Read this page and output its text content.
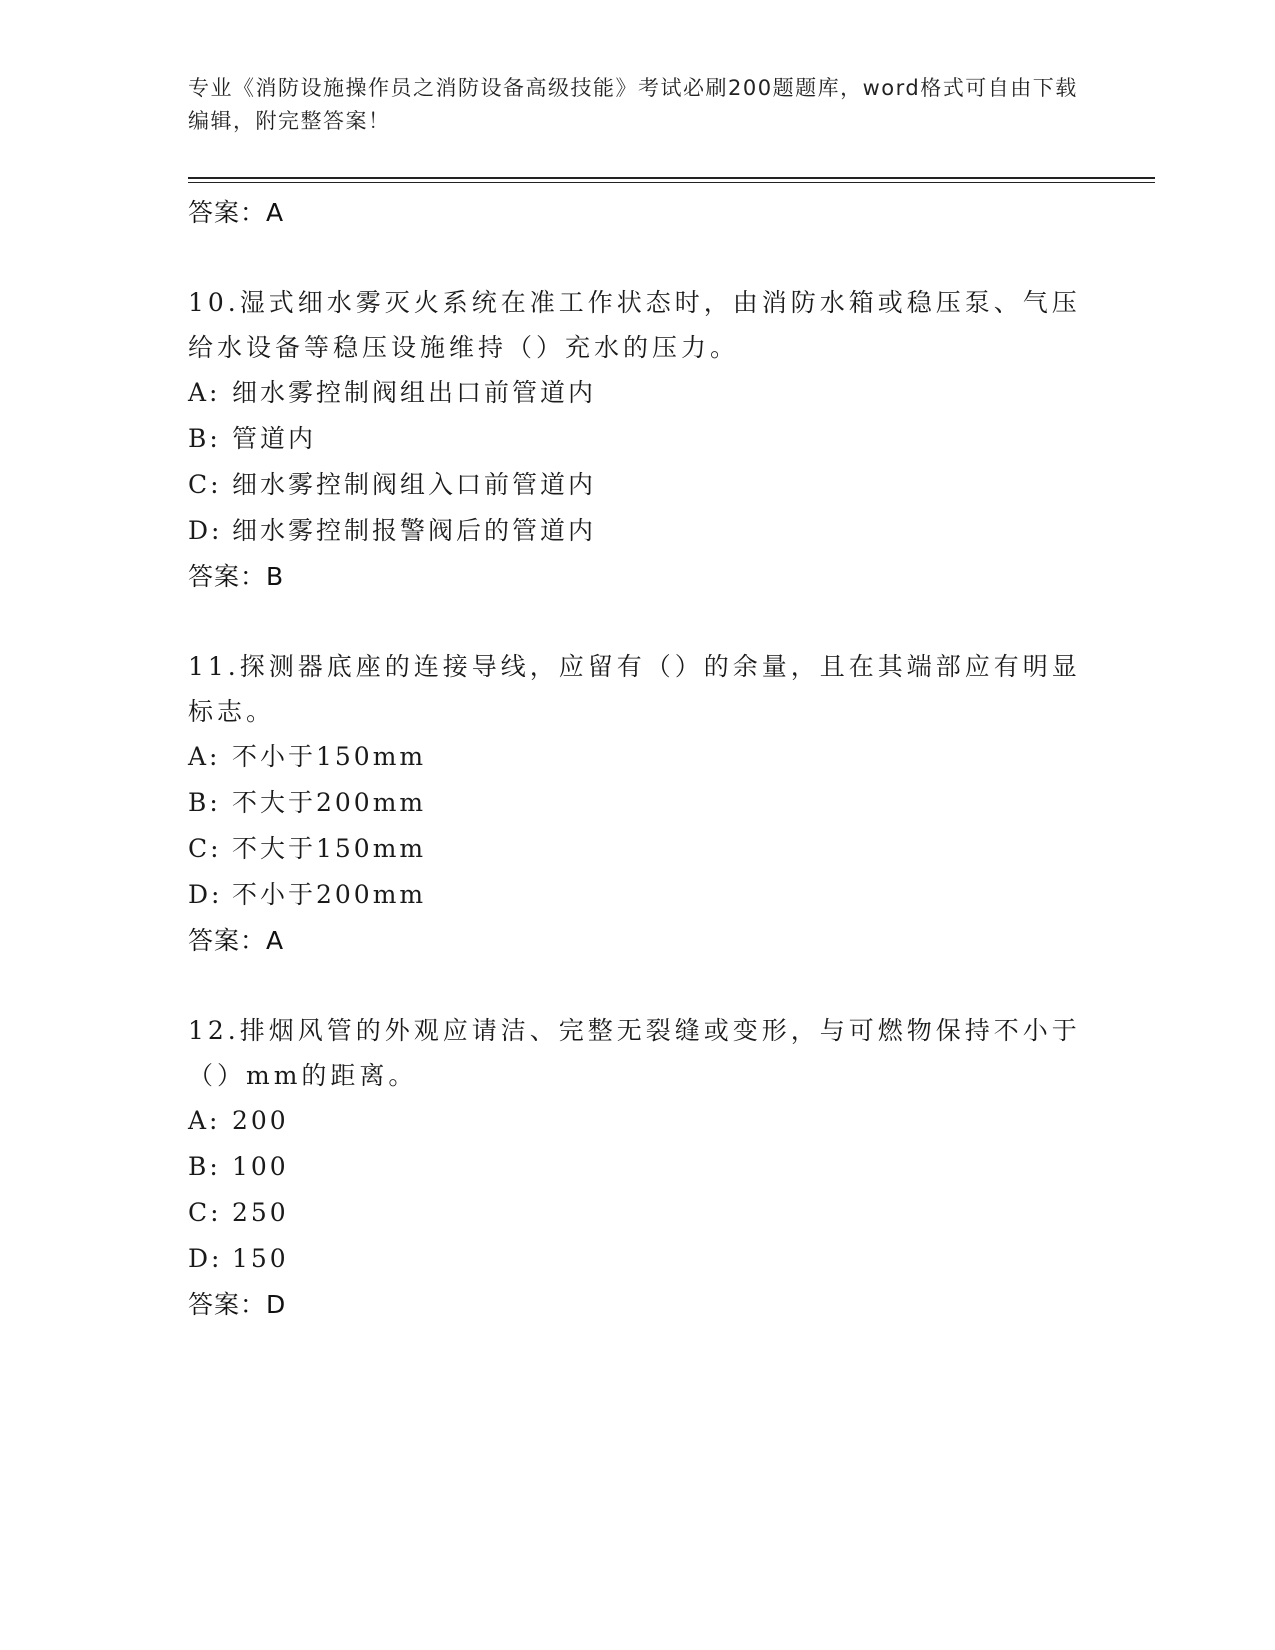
专业《消防设施操作员之消防设备高级技能》考试必刷200题题库，word格式可自由下载编辑，附完整答案！
答案：A
10.湿式细水雾灭火系统在准工作状态时，由消防水箱或稳压泵、气压给水设备等稳压设施维持（）充水的压力。
A: 细水雾控制阀组出口前管道内
B: 管道内
C: 细水雾控制阀组入口前管道内
D: 细水雾控制报警阀后的管道内
答案：B
11.探测器底座的连接导线，应留有（）的余量，且在其端部应有明显标志。
A: 不小于150mm
B: 不大于200mm
C: 不大于150mm
D: 不小于200mm
答案：A
12.排烟风管的外观应请洁、完整无裂缝或变形，与可燃物保持不小于（）mm的距离。
A: 200
B: 100
C: 250
D: 150
答案：D
